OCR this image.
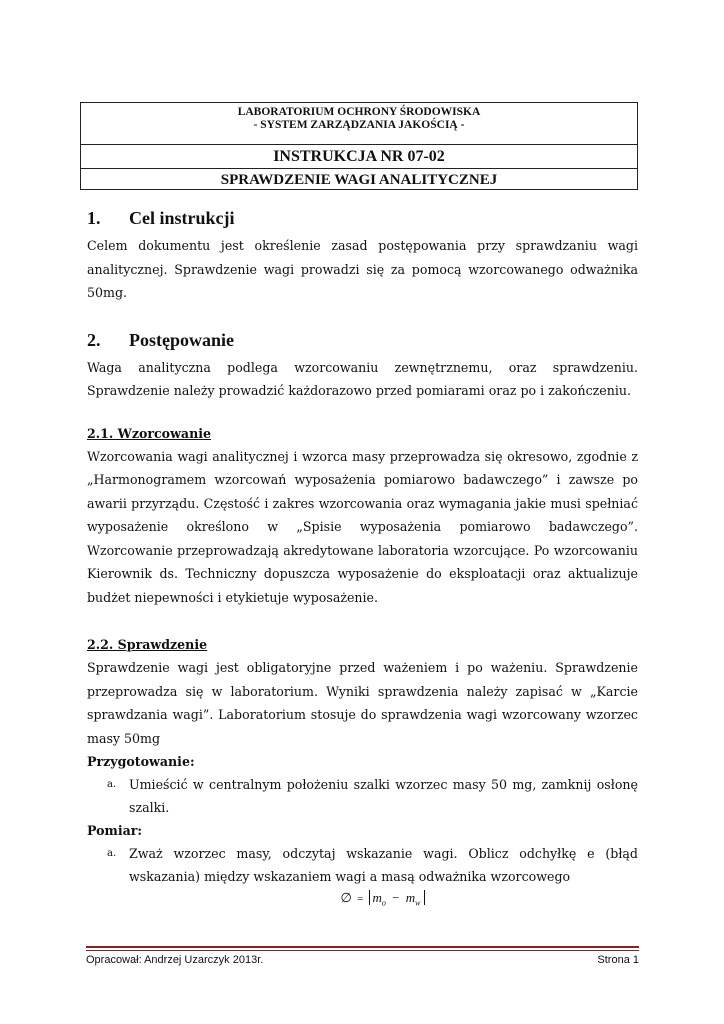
LABORATORIUM OCHRONY ŚRODOWISKA
- SYSTEM ZARZĄDZANIA JAKOŚCIĄ -
INSTRUKCJA NR 07-02
SPRAWDZENIE WAGI ANALITYCZNEJ
1.	Cel instrukcji

Celem dokumentu jest określenie zasad postępowania przy sprawdzaniu wagi analitycznej. Sprawdzenie wagi prowadzi się za pomocą wzorcowanego odważnika 50mg.

2.	Postępowanie

Waga analityczna podlega wzorcowaniu zewnętrznemu, oraz sprawdzeniu. Sprawdzenie należy prowadzić każdorazowo przed pomiarami oraz po i zakończeniu.

2.1. Wzorcowanie

Wzorcowania wagi analitycznej i wzorca masy przeprowadza się okresowo, zgodnie z „Harmonogramem wzorcowań wyposażenia pomiarowo badawczego” i zawsze po awarii przyrządu. Częstość i zakres wzorcowania oraz wymagania jakie musi spełniać wyposażenie określono w „Spisie wyposażenia pomiarowo badawczego”. Wzorcowanie przeprowadzają akredytowane laboratoria wzorcujące. Po wzorcowaniu Kierownik ds. Techniczny dopuszcza wyposażenie do eksploatacji oraz aktualizuje budżet niepewności i etykietuje wyposażenie.

2.2. Sprawdzenie

Sprawdzenie wagi jest obligatoryjne przed ważeniem i po ważeniu. Sprawdzenie przeprowadza się w laboratorium. Wyniki sprawdzenia należy zapisać w „Karcie sprawdzania wagi”. Laboratorium stosuje do sprawdzenia wagi wzorcowany wzorzec masy 50mg

Przygotowanie:
a.	Umieścić w centralnym położeniu szalki wzorzec masy 50 mg, zamknij osłonę szalki.
Pomiar:
a.	Zważ wzorzec masy, odczytaj wskazanie wagi. Oblicz odchyłkę e (błąd wskazania) między wskazaniem wagi a masą odważnika wzorcowego
∅ = $m_o - m_w$
Opracował: Andrzej Uzarczyk 2013r.	Strona 1
